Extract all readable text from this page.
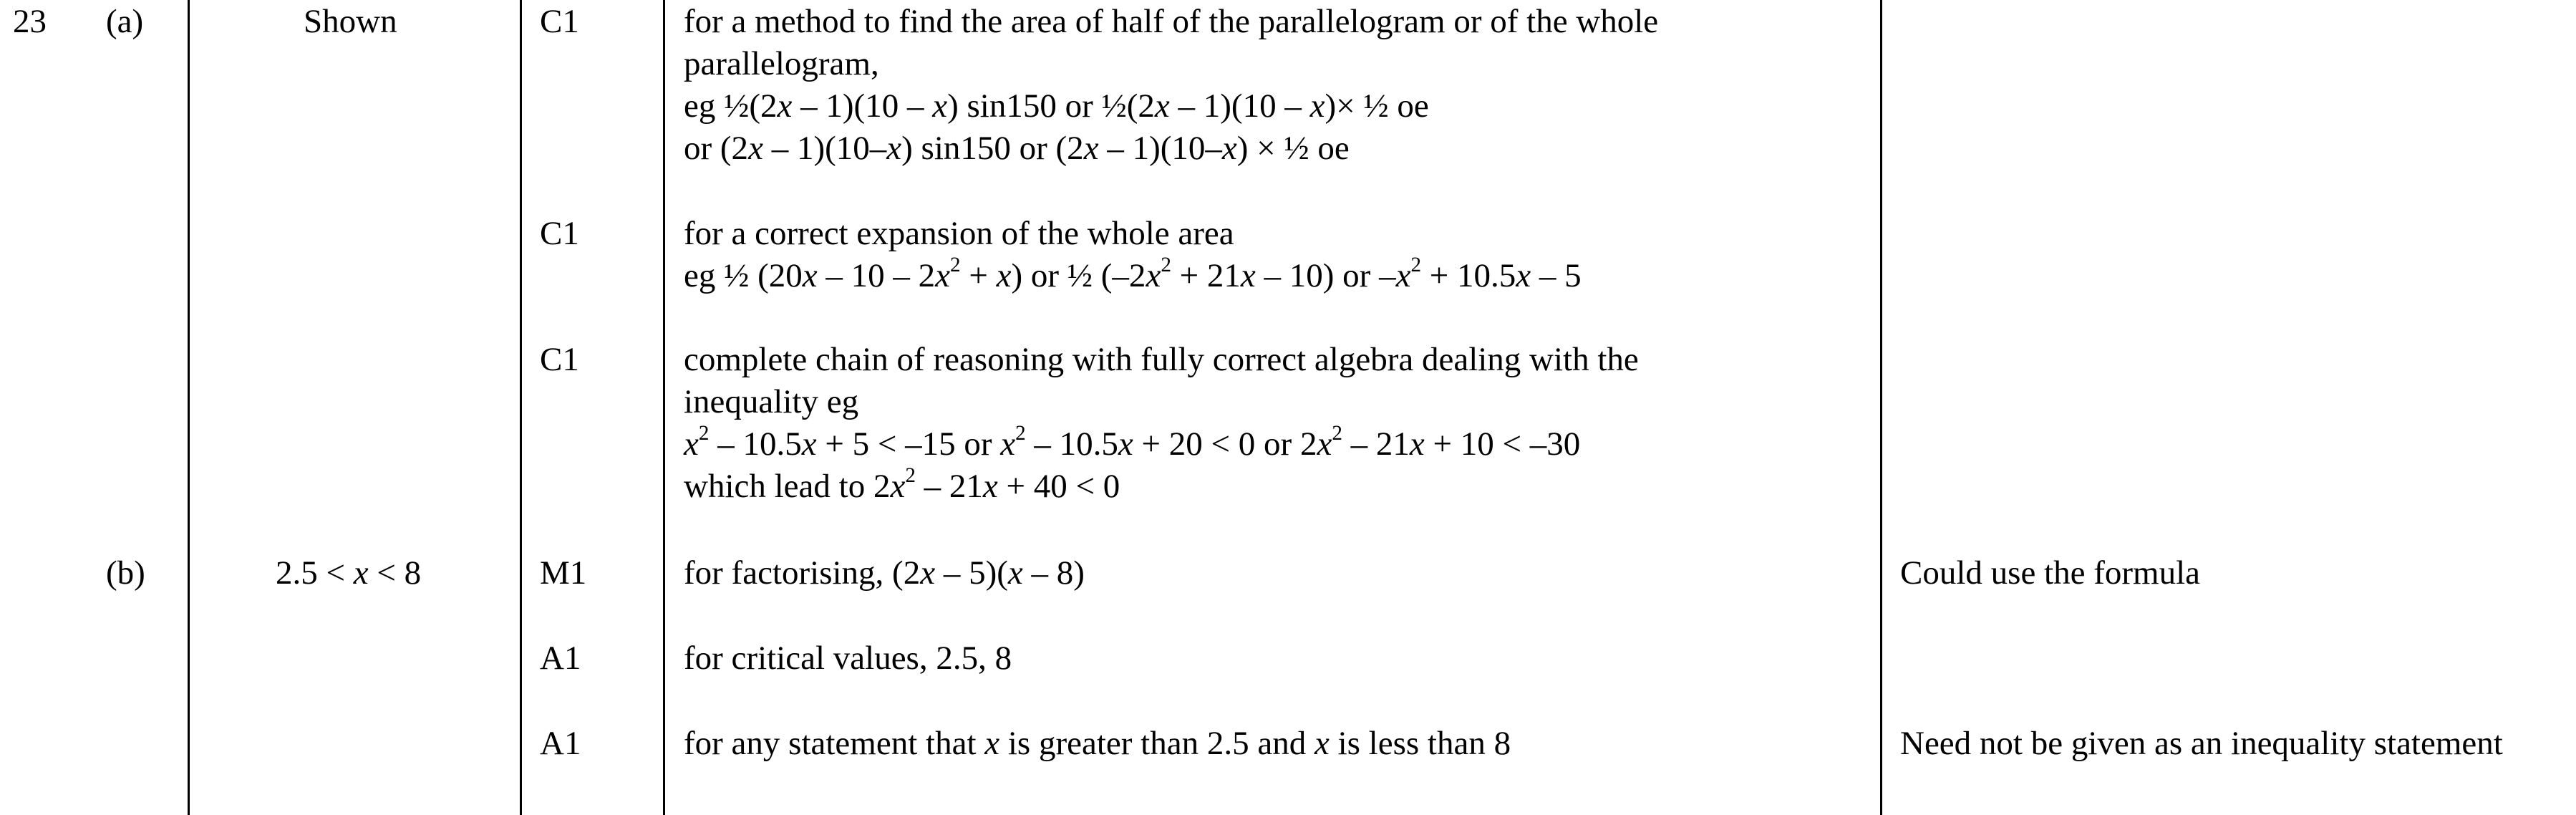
23 (a)	Shown	C1	for a method to find the area of half of the parallelogram or of the whole
parallelogram,
eg ½(2x – 1)(10 – x) sin150 or ½(2x – 1)(10 – x)× ½ oe
or (2x – 1)(10–x) sin150 or (2x – 1)(10–x) × ½ oe
C1	for a correct expansion of the whole area
eg ½ $(20x - 10 - 2x^2 + x)$ or ½ $(-2x^2 + 21x - 10)$ or $-x^2 + 10.5x - 5$
C1	complete chain of reasoning with fully correct algebra dealing with the
inequality eg
$x^2 - 10.5x + 5 < -15$ or $x^2 - 10.5x + 20 < 0$ or $2x^2 - 21x + 10 < -30$
which lead to $2x^2 - 21x + 40 < 0$
(b)	2.5 < x < 8	M1	for factorising, (2x – 5)(x – 8)	Could use the formula
A1	for critical values, 2.5, 8
A1	for any statement that x is greater than 2.5 and x is less than 8	Need not be given as an inequality statement
